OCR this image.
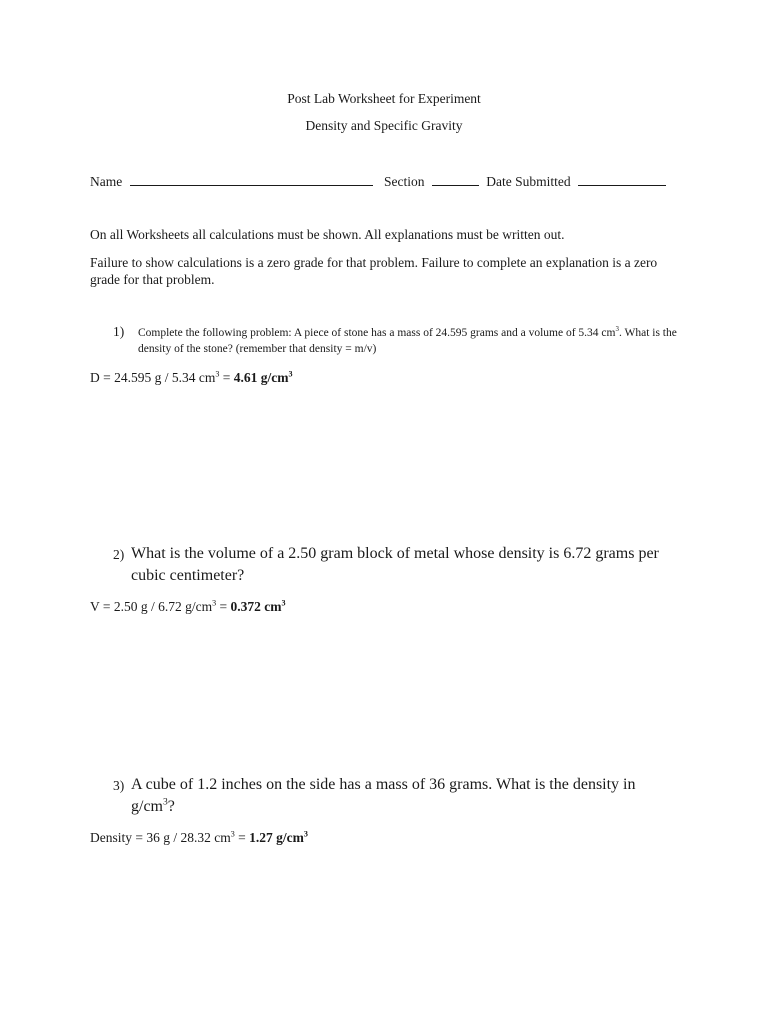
Post Lab Worksheet for Experiment
Density and Specific Gravity
Name	Section	Date Submitted
On all Worksheets all calculations must be shown. All explanations must be written out.
Failure to show calculations is a zero grade for that problem. Failure to complete an explanation is a zero grade for that problem.
1) Complete the following problem: A piece of stone has a mass of 24.595 grams and a volume of 5.34 $cm^3$. What is the density of the stone? (remember that density = m/v)
D = 24.595 g / 5.34 $cm^3 = 4.61$ $g/cm^3$
2) What is the volume of a 2.50 gram block of metal whose density is 6.72 grams per cubic centimeter?
V = 2.50 g / 6.72 $g/cm^3 = 0.372$ $cm^3$
3) A cube of 1.2 inches on the side has a mass of 36 grams. What is the density in $g/cm^3$?
Density = 36 g / 28.32 $cm^3 = 1.27$ $g/cm^3$
